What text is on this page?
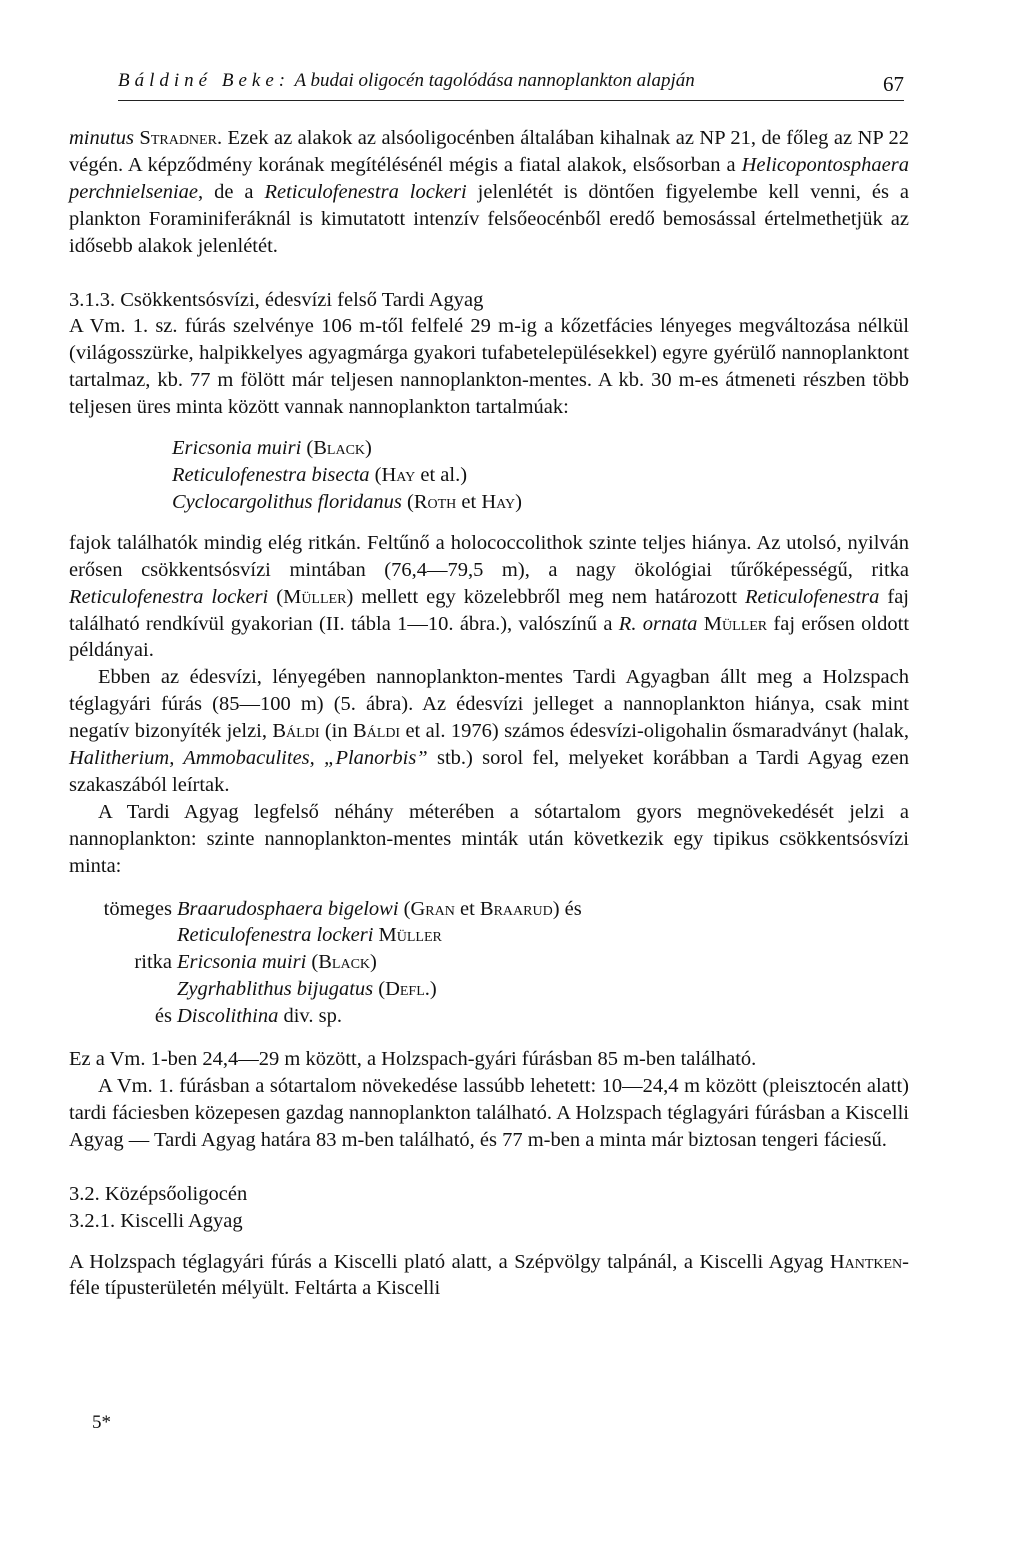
Báldiné Beke: A budai oligocén tagolódása nannoplankton alapján	67

minutus Stradner. Ezek az alakok az alsóoligocénben általában kihalnak az NP 21, de főleg az NP 22 végén. A képződmény korának megítélésénél mégis a fiatal alakok, elsősorban a Helicopontosphaera perchnielseniae, de a Reticulofenestra lockeri jelenlétét is döntően figyelembe kell venni, és a plankton Foraminiferáknál is kimutatott intenzív felsőeocénből eredő bemosással értelmethetjük az idősebb alakok jelenlétét.

3.1.3. Csökkentsósvízi, édesvízi felső Tardi Agyag

A Vm. 1. sz. fúrás szelvénye 106 m-től felfelé 29 m-ig a kőzetfácies lényeges megváltozása nélkül (világosszürke, halpikkelyes agyagmárga gyakori tufabetelepülésekkel) egyre gyérülő nannoplanktont tartalmaz, kb. 77 m fölött már teljesen nannoplankton-mentes. A kb. 30 m-es átmeneti részben több teljesen üres minta között vannak nannoplankton tartalmúak:

Ericsonia muiri (Black)
Reticulofenestra bisecta (Hay et al.)
Cyclocargolithus floridanus (Roth et Hay)

fajok találhatók mindig elég ritkán. Feltűnő a holococcolithok szinte teljes hiánya. Az utolsó, nyilván erősen csökkentsósvízi mintában (76,4—79,5 m), a nagy ökológiai tűrőképességű, ritka Reticulofenestra lockeri (Müller) mellett egy közelebbről meg nem határozott Reticulofenestra faj található rendkívül gyakorian (II. tábla 1—10. ábra.), valószínű a R. ornata Müller faj erősen oldott példányai.

Ebben az édesvízi, lényegében nannoplankton-mentes Tardi Agyagban állt meg a Holzspach téglagyári fúrás (85—100 m) (5. ábra). Az édesvízi jelleget a nannoplankton hiánya, csak mint negatív bizonyíték jelzi, Báldi (in Báldi et al. 1976) számos édesvízi-oligohalin ősmaradványt (halak, Halitherium, Ammobaculites, „Planorbis” stb.) sorol fel, melyeket korábban a Tardi Agyag ezen szakaszából leírtak.

A Tardi Agyag legfelső néhány méterében a sótartalom gyors megnövekedését jelzi a nannoplankton: szinte nannoplankton-mentes minták után következik egy tipikus csökkentsósvízi minta:

tömeges	Braarudosphaera bigelowi (Gran et Braarud) és
	Reticulofenestra lockeri Müller
ritka	Ericsonia muiri (Black)
	Zygrhablithus bijugatus (Defl.)
és	Discolithina div. sp.

Ez a Vm. 1-ben 24,4—29 m között, a Holzspach-gyári fúrásban 85 m-ben található.

A Vm. 1. fúrásban a sótartalom növekedése lassúbb lehetett: 10—24,4 m között (pleisztocén alatt) tardi fáciesben közepesen gazdag nannoplankton található. A Holzspach téglagyári fúrásban a Kiscelli Agyag — Tardi Agyag határa 83 m-ben található, és 77 m-ben a minta már biztosan tengeri fáciesű.

3.2. Középsőoligocén

3.2.1. Kiscelli Agyag

A Holzspach téglagyári fúrás a Kiscelli plató alatt, a Szépvölgy talpánál, a Kiscelli Agyag Hantken-féle típusterületén mélyült. Feltárta a Kiscelli

5*
